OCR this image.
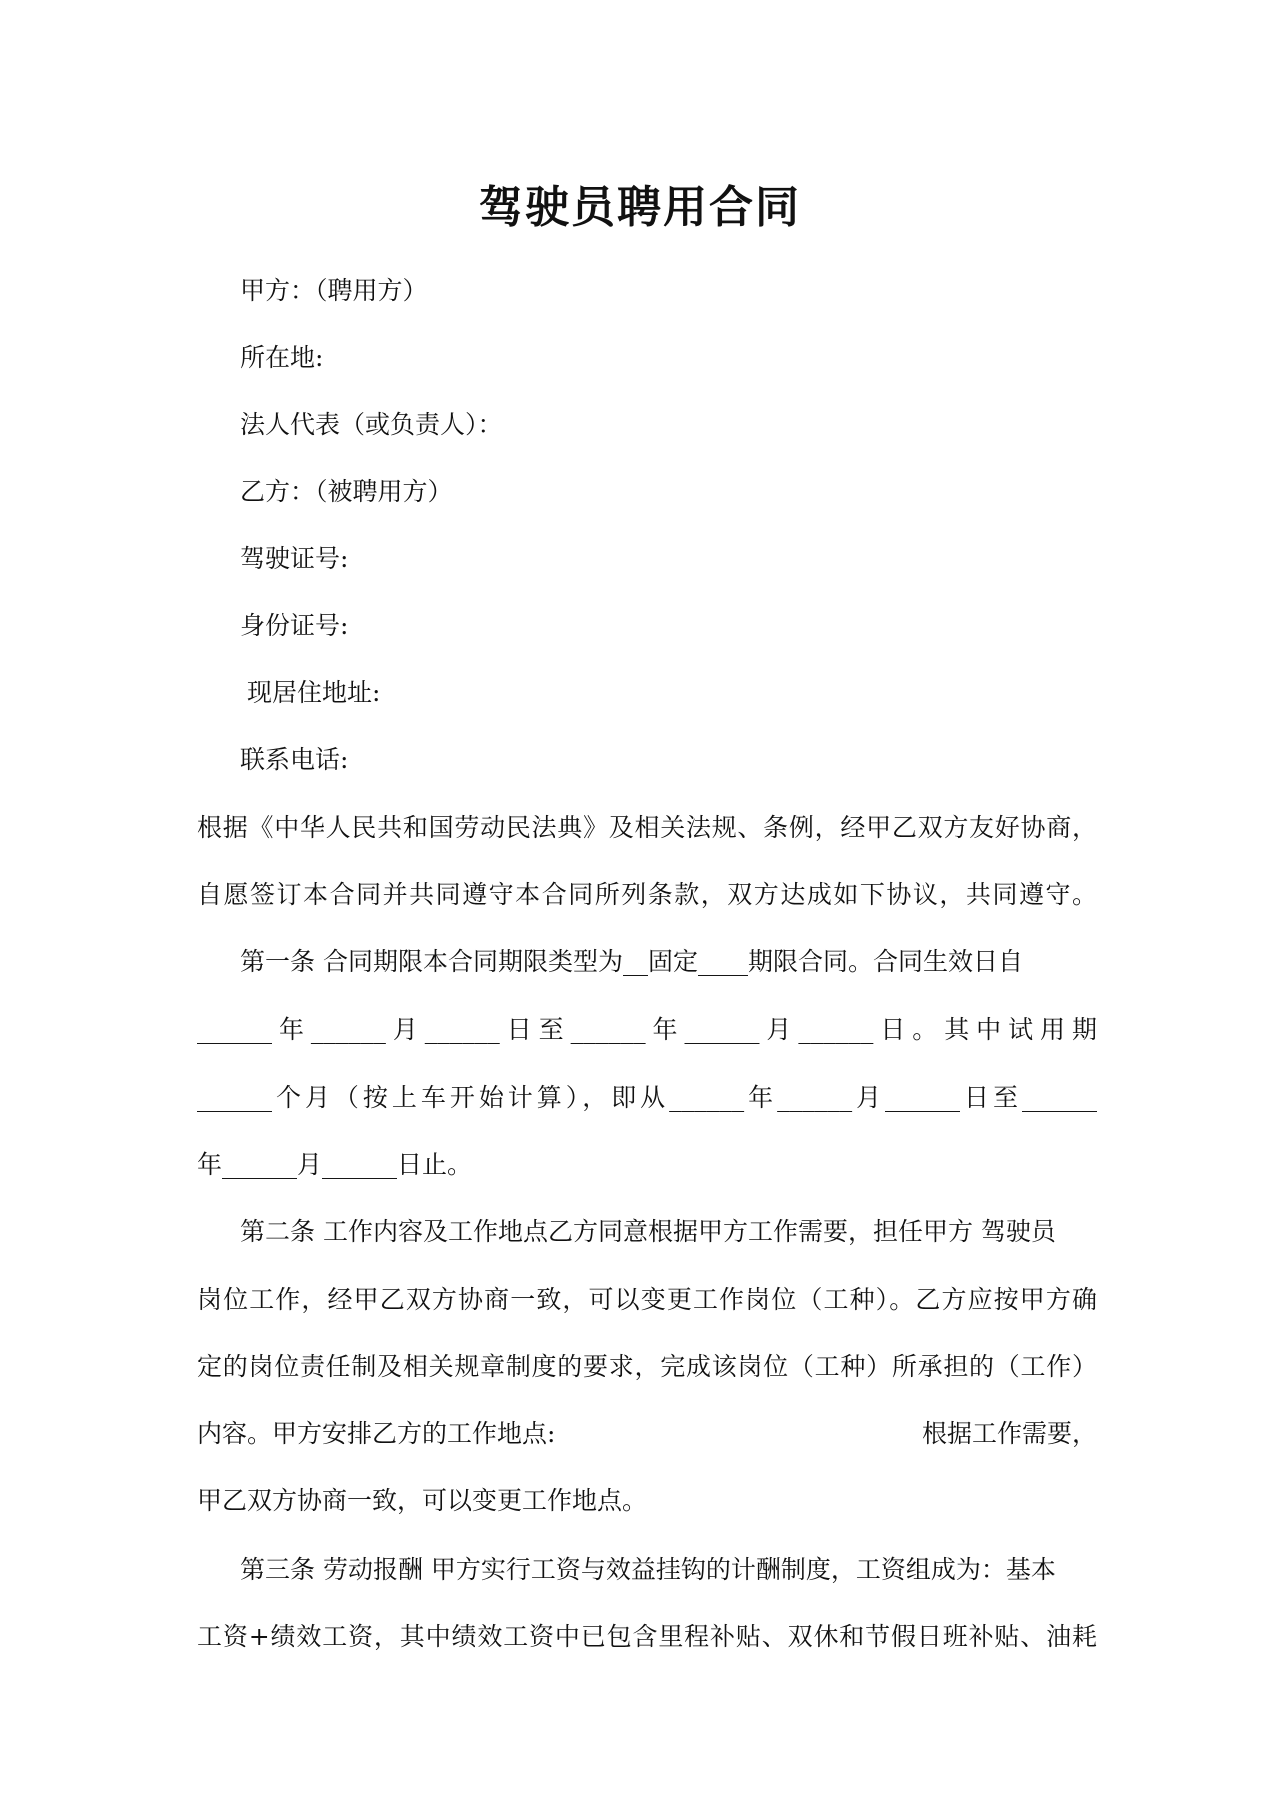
驾驶员聘用合同

甲方：（聘用方）

所在地:

法人代表（或负责人）：

乙方：（被聘用方）

驾驶证号:

身份证号:

现居住地址:

联系电话:

根据《中华人民共和国劳动民法典》及相关法规、条例，经甲乙双方友好协商，

自愿签订本合同并共同遵守本合同所列条款，双方达成如下协议，共同遵守。

第一条 合同期限本合同期限类型为__固定____期限合同。合同生效日自

______年______月______日至______年______月______日。其中试用期

______个月（按上车开始计算），即从______年______月______日至______

年______月______日止。

第二条 工作内容及工作地点乙方同意根据甲方工作需要，担任甲方 驾驶员

岗位工作，经甲乙双方协商一致，可以变更工作岗位（工种）。乙方应按甲方确

定的岗位责任制及相关规章制度的要求，完成该岗位（工种）所承担的（工作）

内容。甲方安排乙方的工作地点:	根据工作需要，

甲乙双方协商一致，可以变更工作地点。

第三条 劳动报酬 甲方实行工资与效益挂钩的计酬制度，工资组成为：基本

工资+绩效工资，其中绩效工资中已包含里程补贴、双休和节假日班补贴、油耗
